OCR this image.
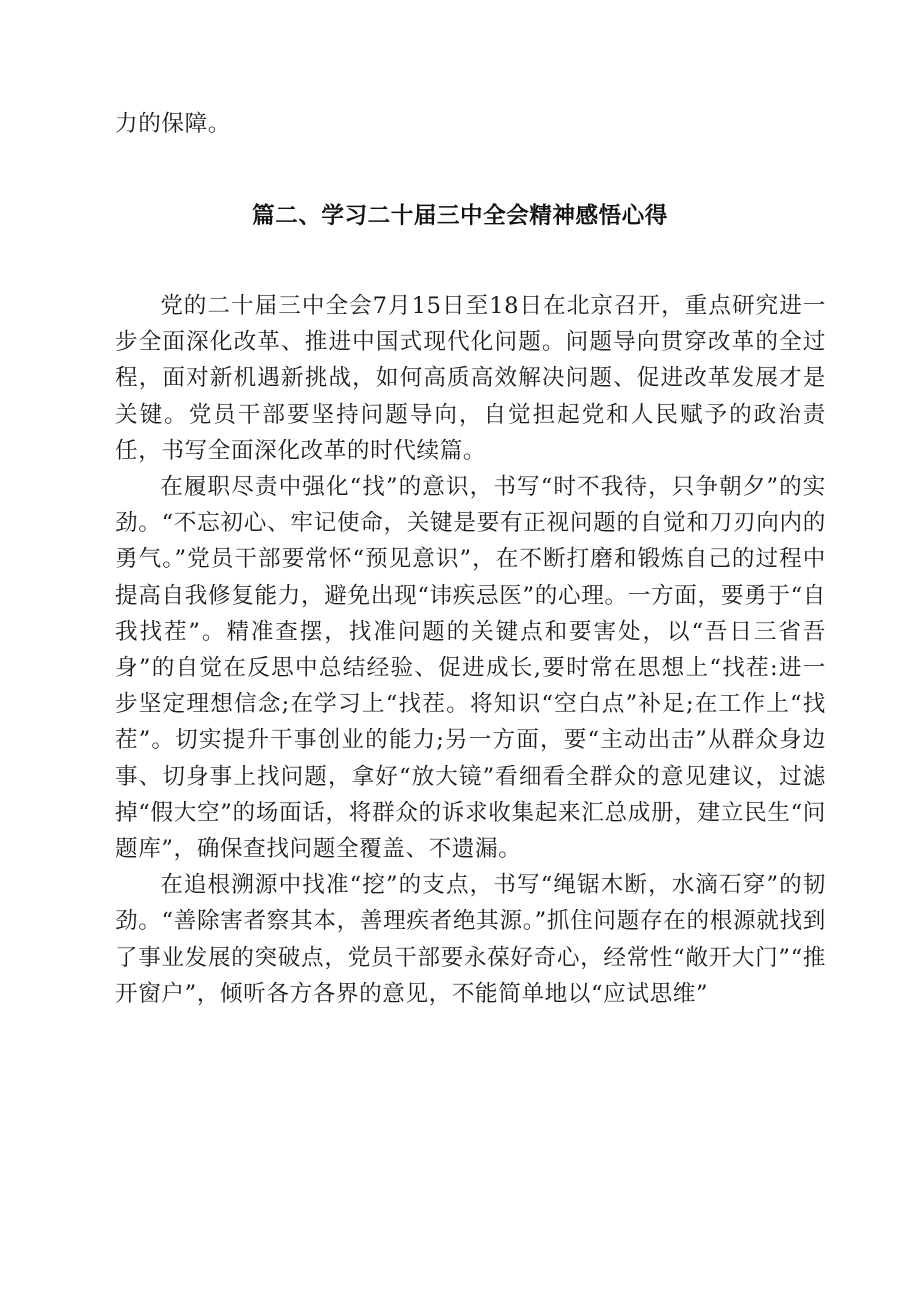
力的保障。
篇二、学习二十届三中全会精神感悟心得

党的二十届三中全会7月15日至18日在北京召开，重点研究进一步全面深化改革、推进中国式现代化问题。问题导向贯穿改革的全过程，面对新机遇新挑战，如何高质高效解决问题、促进改革发展才是关键。党员干部要坚持问题导向，自觉担起党和人民赋予的政治责任，书写全面深化改革的时代续篇。

在履职尽责中强化“找”的意识，书写“时不我待，只争朝夕”的实劲。“不忘初心、牢记使命，关键是要有正视问题的自觉和刀刃向内的勇气。”党员干部要常怀“预见意识”，在不断打磨和锻炼自己的过程中提高自我修复能力，避免出现“讳疾忌医”的心理。一方面，要勇于“自我找茬”。精准查摆，找准问题的关键点和要害处，以“吾日三省吾身”的自觉在反思中总结经验、促进成长,要时常在思想上“找茬:进一步坚定理想信念;在学习上“找茬。将知识“空白点”补足;在工作上“找茬”。切实提升干事创业的能力;另一方面，要“主动出击”从群众身边事、切身事上找问题，拿好“放大镜”看细看全群众的意见建议，过滤掉“假大空”的场面话，将群众的诉求收集起来汇总成册，建立民生“问题库”，确保查找问题全覆盖、不遗漏。

在追根溯源中找准“挖”的支点，书写“绳锯木断，水滴石穿”的韧劲。“善除害者察其本，善理疾者绝其源。”抓住问题存在的根源就找到了事业发展的突破点，党员干部要永葆好奇心，经常性“敞开大门”“推开窗户”，倾听各方各界的意见，不能简单地以“应试思维”
